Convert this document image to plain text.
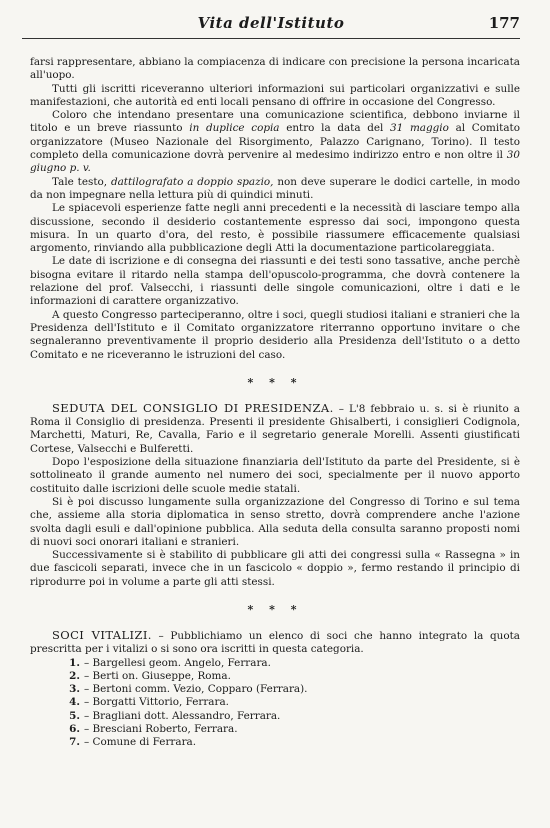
Vita dell'Istituto	177

farsi rappresentare, abbiano la compiacenza di indicare con precisione la persona incaricata all'uopo.

Tutti gli iscritti riceveranno ulteriori informazioni sui particolari organizzativi e sulle manifestazioni, che autorità ed enti locali pensano di offrire in occasione del Congresso.

Coloro che intendano presentare una comunicazione scientifica, debbono inviarne il titolo e un breve riassunto in duplice copia entro la data del 31 maggio al Comitato organizzatore (Museo Nazionale del Risorgimento, Palazzo Carignano, Torino). Il testo completo della comunicazione dovrà pervenire al medesimo indirizzo entro e non oltre il 30 giugno p. v.

Tale testo, dattilografato a doppio spazio, non deve superare le dodici cartelle, in modo da non impegnare nella lettura più di quindici minuti.

Le spiacevoli esperienze fatte negli anni precedenti e la necessità di lasciare tempo alla discussione, secondo il desiderio costantemente espresso dai soci, impongono questa misura. In un quarto d'ora, del resto, è possibile riassumere efficacemente qualsiasi argomento, rinviando alla pubblicazione degli Atti la documentazione particolareggiata.

Le date di iscrizione e di consegna dei riassunti e dei testi sono tassative, anche perchè bisogna evitare il ritardo nella stampa dell'opuscolo-programma, che dovrà contenere la relazione del prof. Valsecchi, i riassunti delle singole comunicazioni, oltre i dati e le informazioni di carattere organizzativo.

A questo Congresso parteciperanno, oltre i soci, quegli studiosi italiani e stranieri che la Presidenza dell'Istituto e il Comitato organizzatore riterranno opportuno invitare o che segnaleranno preventivamente il proprio desiderio alla Presidenza dell'Istituto o a detto Comitato e ne riceveranno le istruzioni del caso.

* * *

SEDUTA DEL CONSIGLIO DI PRESIDENZA. – L'8 febbraio u. s. si è riunito a Roma il Consiglio di presidenza. Presenti il presidente Ghisalberti, i consiglieri Codignola, Marchetti, Maturi, Re, Cavalla, Fario e il segretario generale Morelli. Assenti giustificati Cortese, Valsecchi e Bulferetti.

Dopo l'esposizione della situazione finanziaria dell'Istituto da parte del Presidente, si è sottolineato il grande aumento nel numero dei soci, specialmente per il nuovo apporto costituito dalle iscrizioni delle scuole medie statali.

Si è poi discusso lungamente sulla organizzazione del Congresso di Torino e sul tema che, assieme alla storia diplomatica in senso stretto, dovrà comprendere anche l'azione svolta dagli esuli e dall'opinione pubblica. Alla seduta della consulta saranno proposti nomi di nuovi soci onorari italiani e stranieri.

Successivamente si è stabilito di pubblicare gli atti dei congressi sulla « Rassegna » in due fascicoli separati, invece che in un fascicolo « doppio », fermo restando il principio di riprodurre poi in volume a parte gli atti stessi.

* * *

SOCI VITALIZI. – Pubblichiamo un elenco di soci che hanno integrato la quota prescritta per i vitalizi o si sono ora iscritti in questa categoria.

1. – Bargellesi geom. Angelo, Ferrara.
2. – Berti on. Giuseppe, Roma.
3. – Bertoni comm. Vezio, Copparo (Ferrara).
4. – Borgatti Vittorio, Ferrara.
5. – Bragliani dott. Alessandro, Ferrara.
6. – Bresciani Roberto, Ferrara.
7. – Comune di Ferrara.
